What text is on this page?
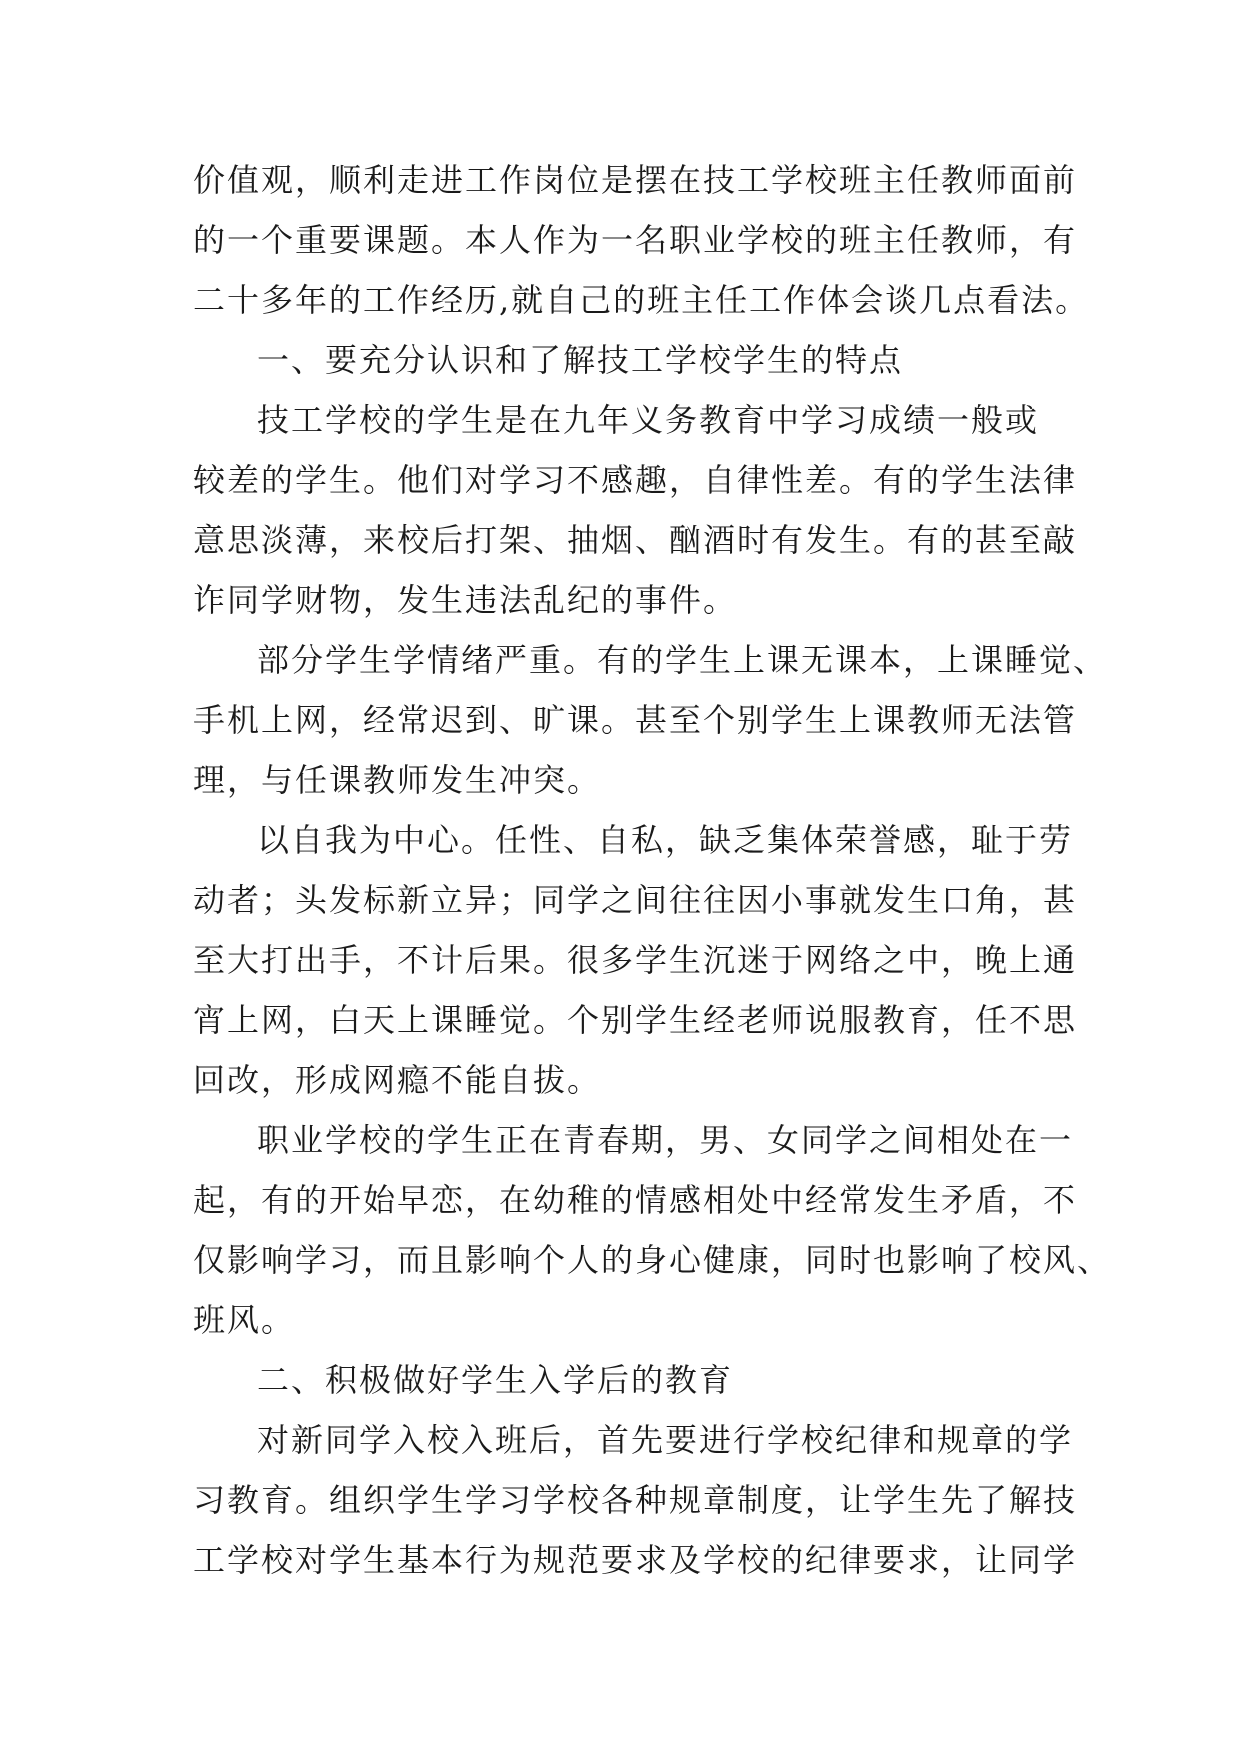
价值观，顺利走进工作岗位是摆在技工学校班主任教师面前
的一个重要课题。本人作为一名职业学校的班主任教师，有
二十多年的工作经历,就自己的班主任工作体会谈几点看法。
一、要充分认识和了解技工学校学生的特点
技工学校的学生是在九年义务教育中学习成绩一般或
较差的学生。他们对学习不感趣，自律性差。有的学生法律
意思淡薄，来校后打架、抽烟、酗酒时有发生。有的甚至敲
诈同学财物，发生违法乱纪的事件。
部分学生学情绪严重。有的学生上课无课本，上课睡觉、
手机上网，经常迟到、旷课。甚至个别学生上课教师无法管
理，与任课教师发生冲突。
以自我为中心。任性、自私，缺乏集体荣誉感，耻于劳
动者；头发标新立异；同学之间往往因小事就发生口角，甚
至大打出手，不计后果。很多学生沉迷于网络之中，晚上通
宵上网，白天上课睡觉。个别学生经老师说服教育，任不思
回改，形成网瘾不能自拔。
职业学校的学生正在青春期，男、女同学之间相处在一
起，有的开始早恋，在幼稚的情感相处中经常发生矛盾，不
仅影响学习，而且影响个人的身心健康，同时也影响了校风、
班风。
二、积极做好学生入学后的教育
对新同学入校入班后，首先要进行学校纪律和规章的学
习教育。组织学生学习学校各种规章制度，让学生先了解技
工学校对学生基本行为规范要求及学校的纪律要求，让同学
